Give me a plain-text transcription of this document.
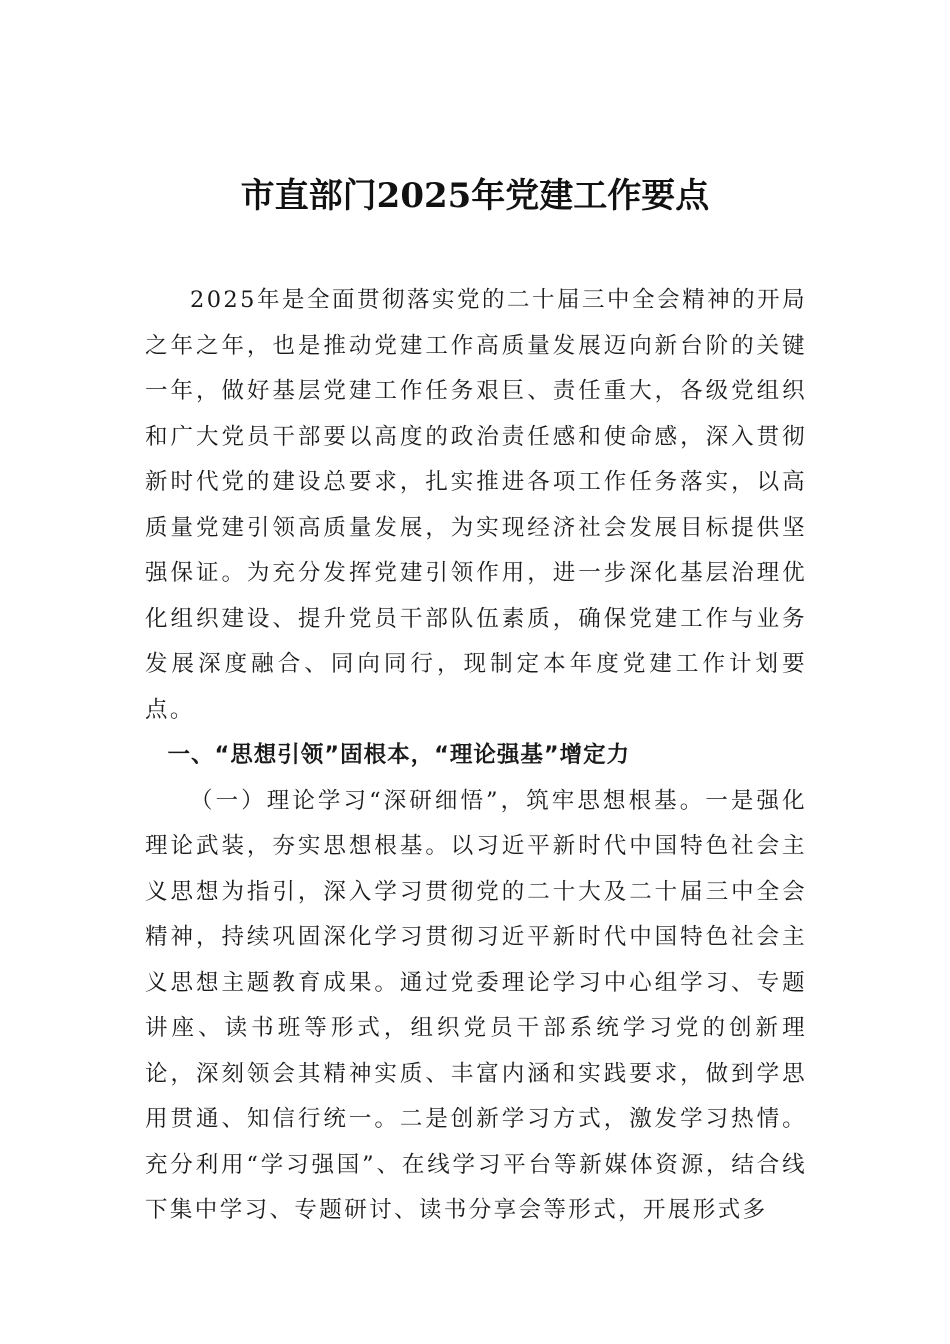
市直部门2025年党建工作要点

2025年是全面贯彻落实党的二十届三中全会精神的开局之年之年，也是推动党建工作高质量发展迈向新台阶的关键一年，做好基层党建工作任务艰巨、责任重大，各级党组织和广大党员干部要以高度的政治责任感和使命感，深入贯彻新时代党的建设总要求，扎实推进各项工作任务落实，以高质量党建引领高质量发展，为实现经济社会发展目标提供坚强保证。为充分发挥党建引领作用，进一步深化基层治理优化组织建设、提升党员干部队伍素质，确保党建工作与业务发展深度融合、同向同行，现制定本年度党建工作计划要点。

一、“思想引领”固根本，“理论强基”增定力

（一）理论学习“深研细悟”，筑牢思想根基。一是强化理论武装，夯实思想根基。以习近平新时代中国特色社会主义思想为指引，深入学习贯彻党的二十大及二十届三中全会精神，持续巩固深化学习贯彻习近平新时代中国特色社会主义思想主题教育成果。通过党委理论学习中心组学习、专题讲座、读书班等形式，组织党员干部系统学习党的创新理论，深刻领会其精神实质、丰富内涵和实践要求，做到学思用贯通、知信行统一。二是创新学习方式，激发学习热情。充分利用“学习强国”、在线学习平台等新媒体资源，结合线下集中学习、专题研讨、读书分享会等形式，开展形式多
